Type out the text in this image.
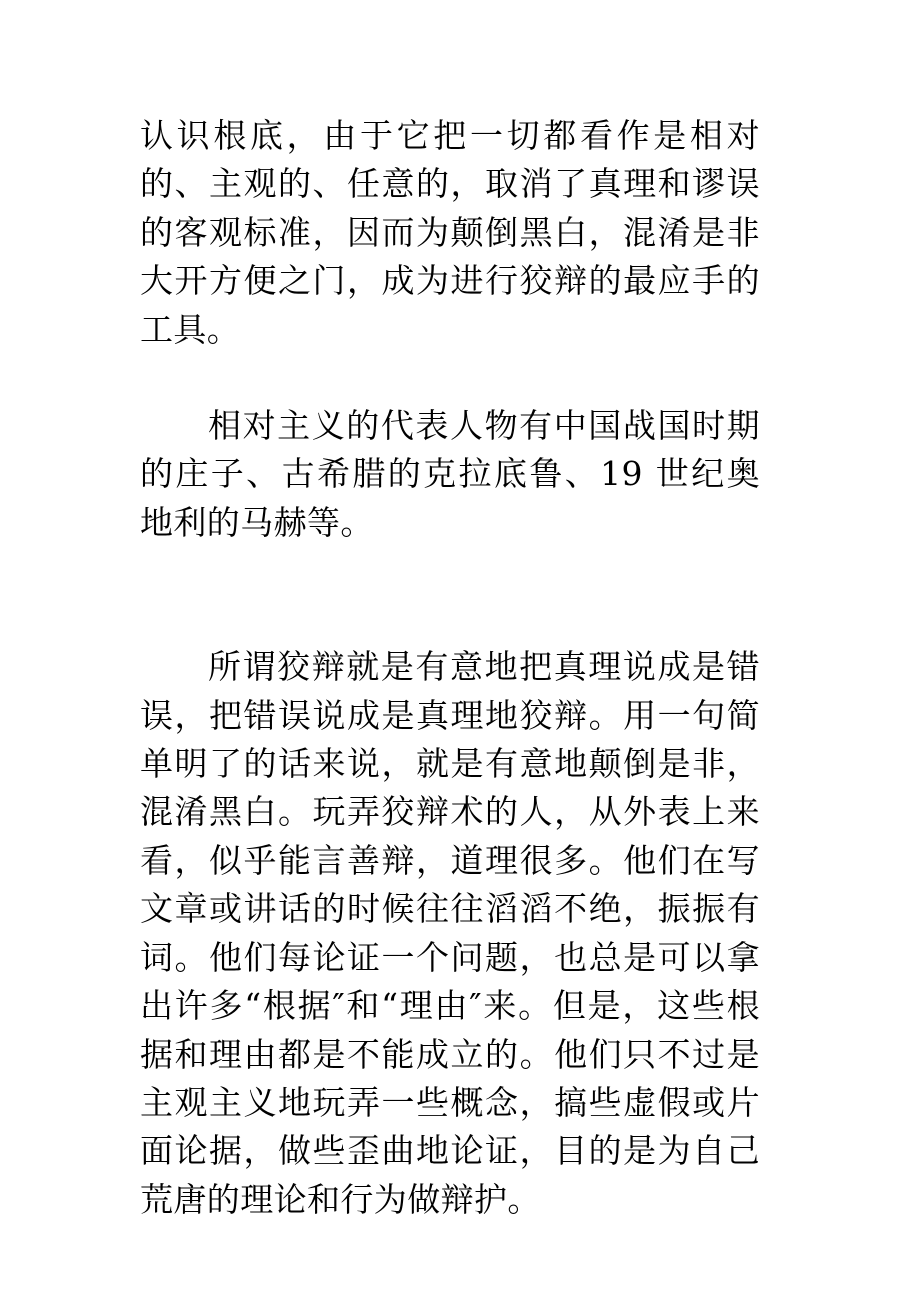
认识根底，由于它把一切都看作是相对的、主观的、任意的，取消了真理和谬误的客观标准，因而为颠倒黑白，混淆是非大开方便之门，成为进行狡辩的最应手的工具。

相对主义的代表人物有中国战国时期的庄子、古希腊的克拉底鲁、19 世纪奥地利的马赫等。

所谓狡辩就是有意地把真理说成是错误，把错误说成是真理地狡辩。用一句简单明了的话来说，就是有意地颠倒是非，混淆黑白。玩弄狡辩术的人，从外表上来看，似乎能言善辩，道理很多。他们在写文章或讲话的时候往往滔滔不绝，振振有词。他们每论证一个问题，也总是可以拿出许多“根据″和“理由″来。但是，这些根据和理由都是不能成立的。他们只不过是主观主义地玩弄一些概念，搞些虚假或片面论据，做些歪曲地论证，目的是为自己荒唐的理论和行为做辩护。
